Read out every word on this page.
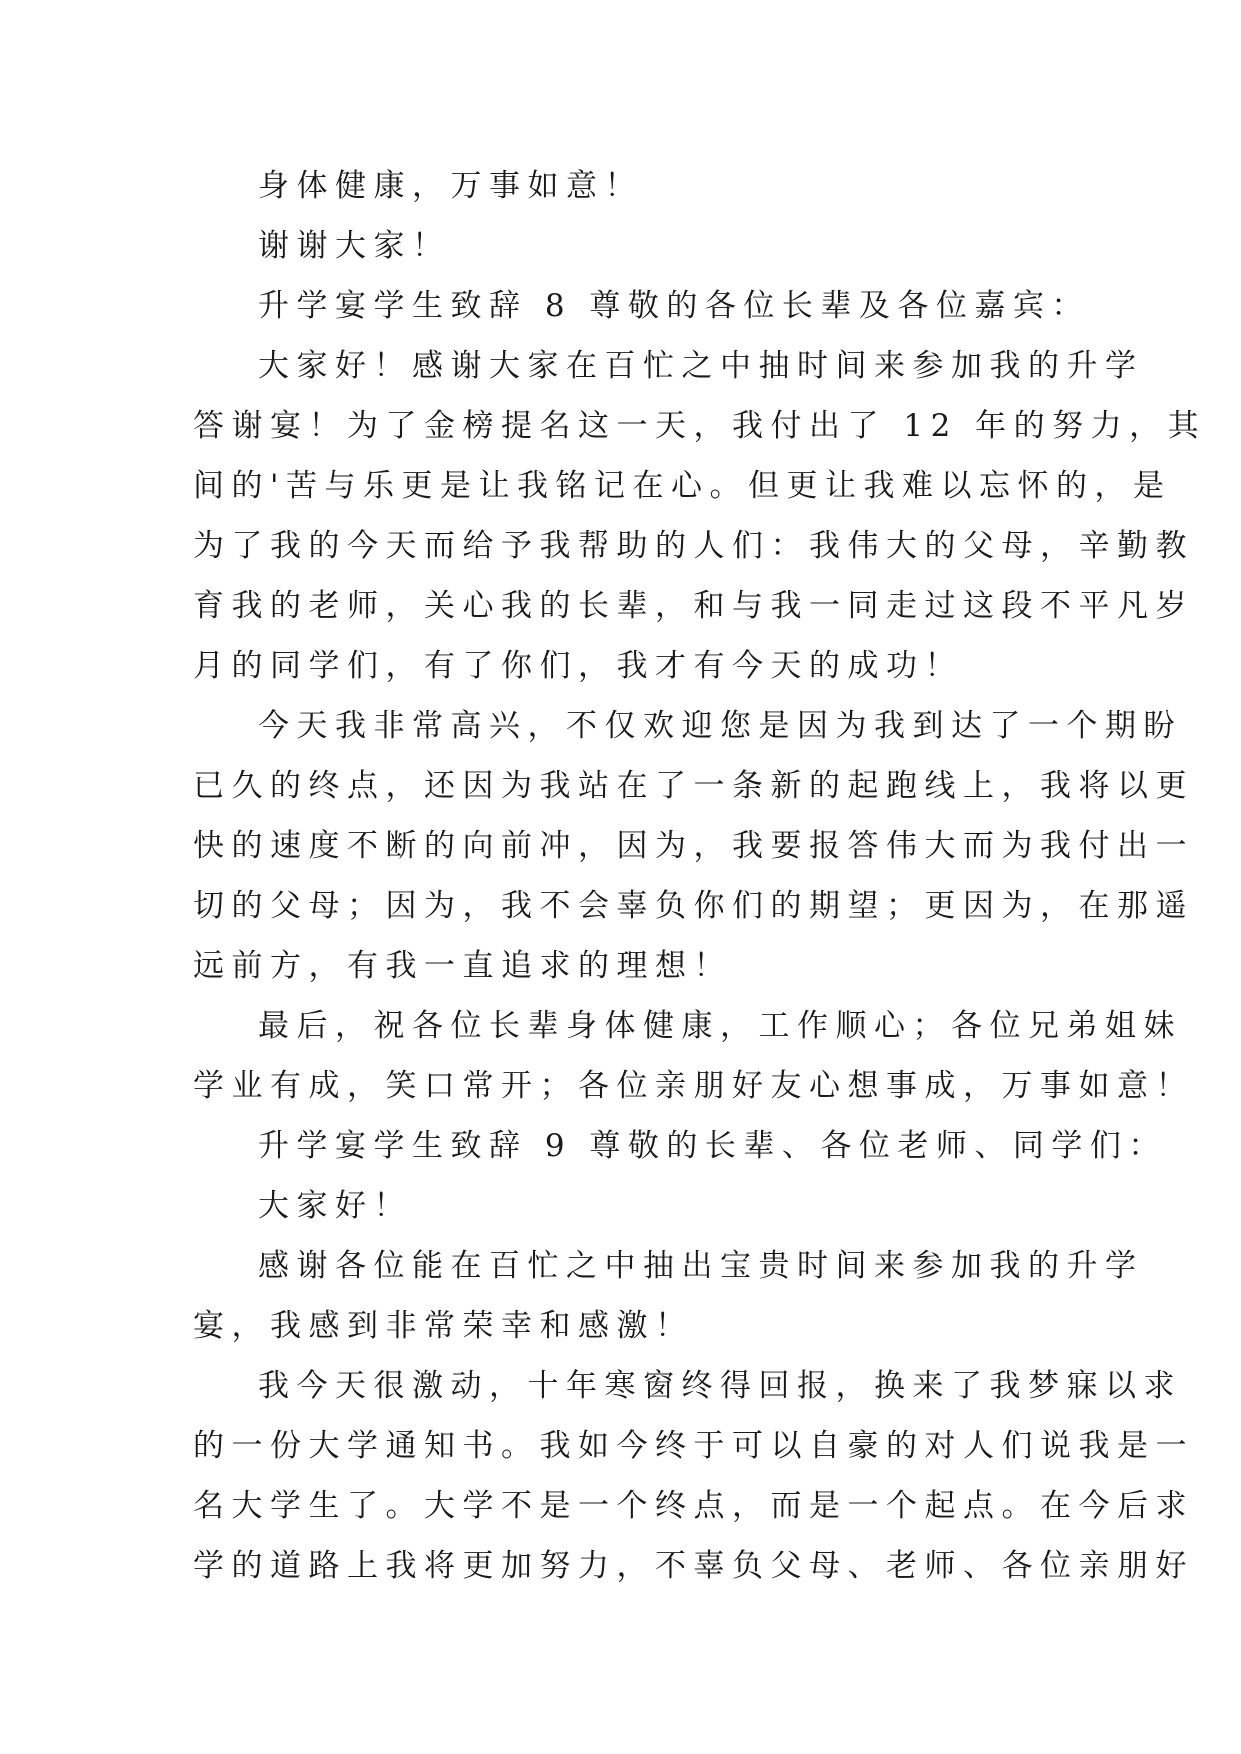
身体健康，万事如意！

谢谢大家！

升学宴学生致辞 8 尊敬的各位长辈及各位嘉宾：

大家好！感谢大家在百忙之中抽时间来参加我的升学

答谢宴！为了金榜提名这一天，我付出了 12 年的努力，其

间的'苦与乐更是让我铭记在心。但更让我难以忘怀的，是

为了我的今天而给予我帮助的人们：我伟大的父母，辛勤教

育我的老师，关心我的长辈，和与我一同走过这段不平凡岁

月的同学们，有了你们，我才有今天的成功！

今天我非常高兴，不仅欢迎您是因为我到达了一个期盼

已久的终点，还因为我站在了一条新的起跑线上，我将以更

快的速度不断的向前冲，因为，我要报答伟大而为我付出一

切的父母；因为，我不会辜负你们的期望；更因为，在那遥

远前方，有我一直追求的理想！

最后，祝各位长辈身体健康，工作顺心；各位兄弟姐妹

学业有成，笑口常开；各位亲朋好友心想事成，万事如意！

升学宴学生致辞 9 尊敬的长辈、各位老师、同学们：

大家好！

感谢各位能在百忙之中抽出宝贵时间来参加我的升学

宴，我感到非常荣幸和感激！

我今天很激动，十年寒窗终得回报，换来了我梦寐以求

的一份大学通知书。我如今终于可以自豪的对人们说我是一

名大学生了。大学不是一个终点，而是一个起点。在今后求

学的道路上我将更加努力，不辜负父母、老师、各位亲朋好
